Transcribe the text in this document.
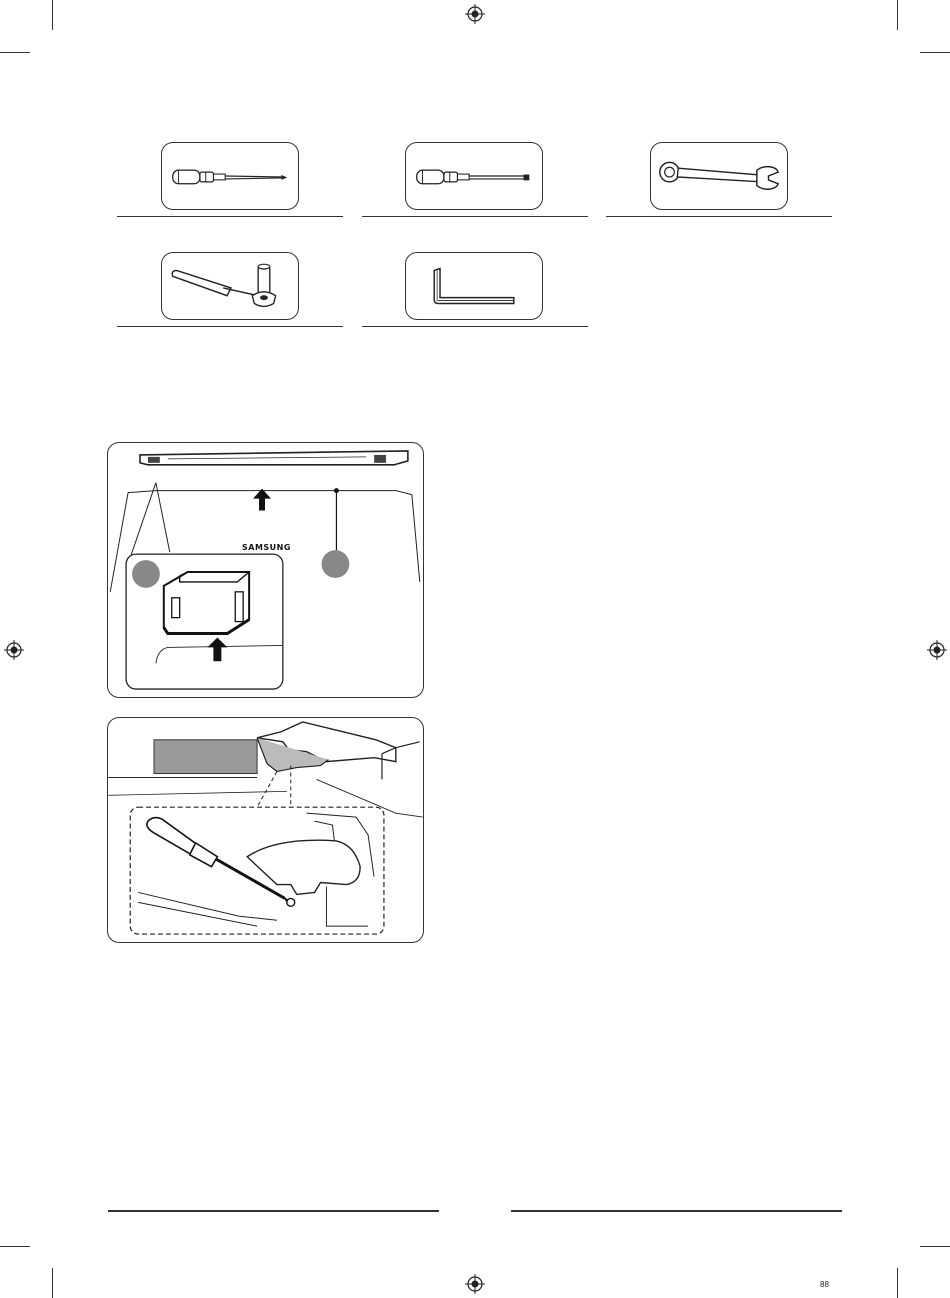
SAMSUNG
88
